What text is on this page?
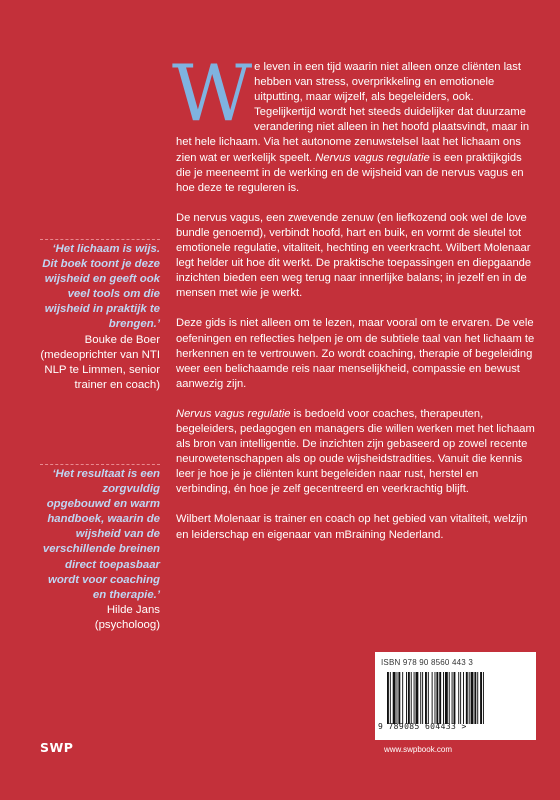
‘Het lichaam is wijs. Dit boek toont je deze wijsheid en geeft ook veel tools om die wijsheid in praktijk te brengen.’
Bouke de Boer
(medeoprichter van NTI NLP te Limmen, senior trainer en coach)
‘Het resultaat is een zorgvuldig opgebouwd en warm handboek, waarin de wijsheid van de verschillende breinen direct toepasbaar wordt voor coaching en therapie.’
Hilde Jans
(psycholoog)

We leven in een tijd waarin niet alleen onze cliënten last hebben van stress, overprikkeling en emotionele uitputting, maar wijzelf, als begeleiders, ook. Tegelijkertijd wordt het steeds duidelijker dat duurzame verandering niet alleen in het hoofd plaatsvindt, maar in het hele lichaam. Via het autonome zenuwstelsel laat het lichaam ons zien wat er werkelijk speelt. Nervus vagus regulatie is een praktijkgids die je meeneemt in de werking en de wijsheid van de nervus vagus en hoe deze te reguleren is.

De nervus vagus, een zwevende zenuw (en liefkozend ook wel de love bundle genoemd), verbindt hoofd, hart en buik, en vormt de sleutel tot emotionele regulatie, vitaliteit, hechting en veerkracht. Wilbert Molenaar legt helder uit hoe dit werkt. De praktische toepassingen en diepgaande inzichten bieden een weg terug naar innerlijke balans; in jezelf en in de mensen met wie je werkt.

Deze gids is niet alleen om te lezen, maar vooral om te ervaren. De vele oefeningen en reflecties helpen je om de subtiele taal van het lichaam te herkennen en te vertrouwen. Zo wordt coaching, therapie of begeleiding weer een belichaamde reis naar menselijkheid, compassie en bewust aanwezig zijn.

Nervus vagus regulatie is bedoeld voor coaches, therapeuten, begeleiders, pedagogen en managers die willen werken met het lichaam als bron van intelligentie. De inzichten zijn gebaseerd op zowel recente neurowetenschappen als op oude wijsheidstradities. Vanuit die kennis leer je hoe je je cliënten kunt begeleiden naar rust, herstel en verbinding, én hoe je zelf gecentreerd en veerkrachtig blijft.

Wilbert Molenaar is trainer en coach op het gebied van vitaliteit, welzijn en leiderschap en eigenaar van mBraining Nederland.

ISBN 978 90 8560 443 3
9 789085 604433 >
www.swpbook.com
SWP
